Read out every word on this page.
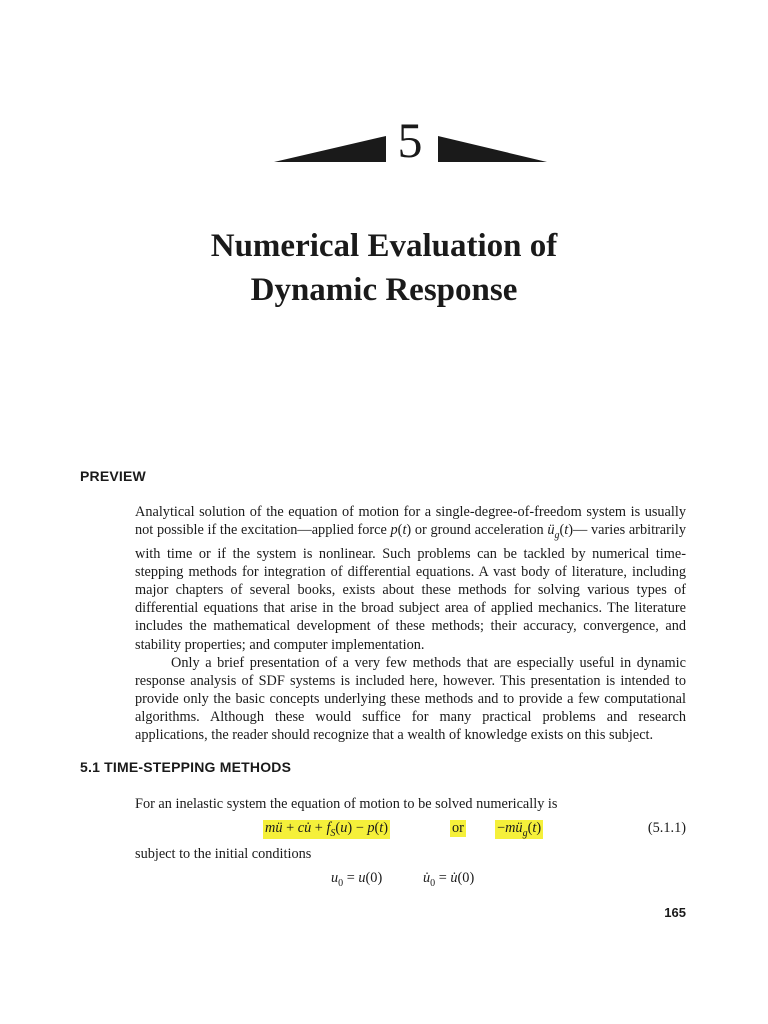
5
Numerical Evaluation of
Dynamic Response
PREVIEW

Analytical solution of the equation of motion for a single-degree-of-freedom system is usually not possible if the excitation—applied force p(t) or ground acceleration $ü_g(t)—$ varies arbitrarily with time or if the system is nonlinear. Such problems can be tackled by numerical time-stepping methods for integration of differential equations. A vast body of literature, including major chapters of several books, exists about these methods for solving various types of differential equations that arise in the broad subject area of applied mechanics. The literature includes the mathematical development of these methods; their accuracy, convergence, and stability properties; and computer implementation.

Only a brief presentation of a very few methods that are especially useful in dynamic response analysis of SDF systems is included here, however. This presentation is intended to provide only the basic concepts underlying these methods and to provide a few computational algorithms. Although these would suffice for many practical problems and research applications, the reader should recognize that a wealth of knowledge exists on this subject.

5.1 TIME-STEPPING METHODS
For an inelastic system the equation of motion to be solved numerically is
mü + cu̇ + $f_S(u) - p(t)$	or $-mü_g(t)$	(5.1.1)
subject to the initial conditions
$u_0 = u(0)$	$u̇_0$ = u̇(0)
165
